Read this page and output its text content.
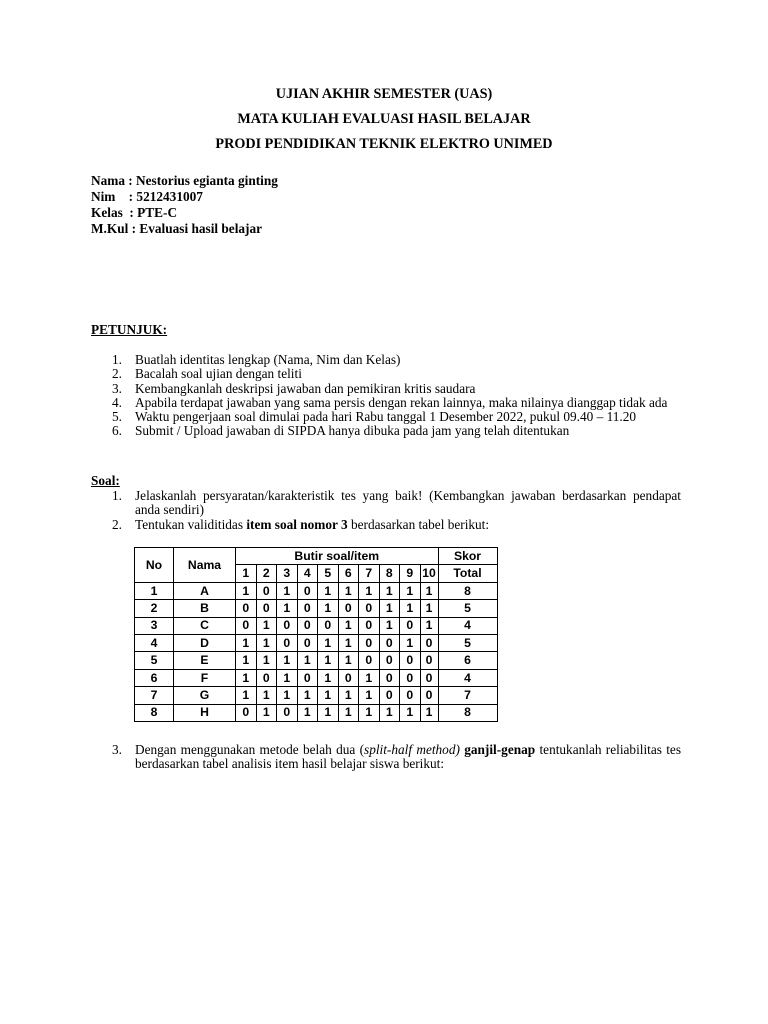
UJIAN AKHIR SEMESTER (UAS)
MATA KULIAH EVALUASI HASIL BELAJAR
PRODI PENDIDIKAN TEKNIK ELEKTRO UNIMED
Nama : Nestorius egianta ginting
Nim    : 5212431007
Kelas  : PTE-C
M.Kul : Evaluasi hasil belajar
PETUNJUK:
1. Buatlah identitas lengkap (Nama, Nim dan Kelas)
2. Bacalah soal ujian dengan teliti
3. Kembangkanlah deskripsi jawaban dan pemikiran kritis saudara
4. Apabila terdapat jawaban yang sama persis dengan rekan lainnya, maka nilainya dianggap tidak ada
5. Waktu pengerjaan soal dimulai pada hari Rabu tanggal 1 Desember 2022, pukul 09.40 – 11.20
6. Submit / Upload jawaban di SIPDA hanya dibuka pada jam yang telah ditentukan
Soal:
1. Jelaskanlah persyaratan/karakteristik tes yang baik! (Kembangkan jawaban berdasarkan pendapat anda sendiri)
2. Tentukan validitidas item soal nomor 3 berdasarkan tabel berikut:
No	Nama	Butir soal/item										Skor
		1	2	3	4	5	6	7	8	9	10	Total
1	A	1	0	1	0	1	1	1	1	1	1	8
2	B	0	0	1	0	1	0	0	1	1	1	5
3	C	0	1	0	0	0	1	0	1	0	1	4
4	D	1	1	0	0	1	1	0	0	1	0	5
5	E	1	1	1	1	1	1	0	0	0	0	6
6	F	1	0	1	0	1	0	1	0	0	0	4
7	G	1	1	1	1	1	1	1	0	0	0	7
8	H	0	1	0	1	1	1	1	1	1	1	8
3. Dengan menggunakan metode belah dua (split-half method) ganjil-genap tentukanlah reliabilitas tes berdasarkan tabel analisis item hasil belajar siswa berikut:
